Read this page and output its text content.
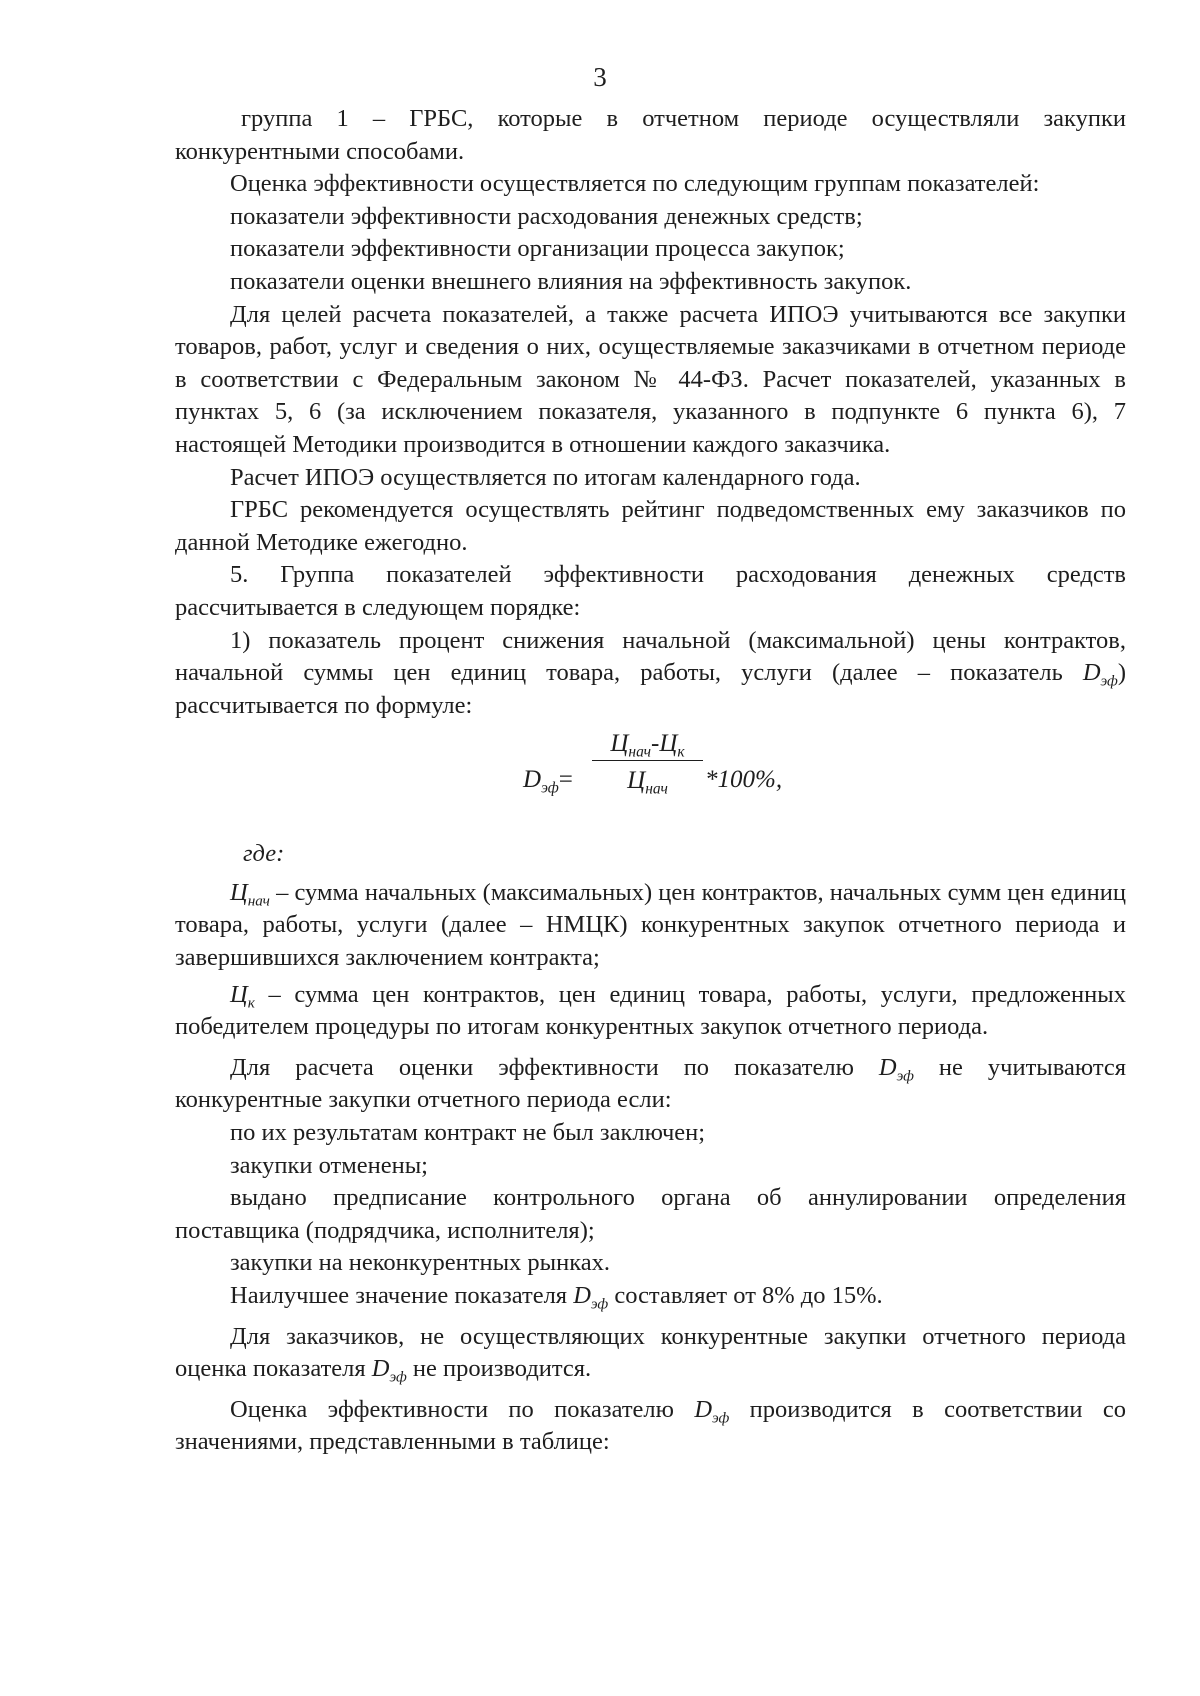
3

группа 1 – ГРБС, которые в отчетном периоде осуществляли закупки конкурентными способами.

Оценка эффективности осуществляется по следующим группам показателей:

показатели эффективности расходования денежных средств;

показатели эффективности организации процесса закупок;

показатели оценки внешнего влияния на эффективность закупок.

Для целей расчета показателей, а также расчета ИПОЭ учитываются все закупки товаров, работ, услуг и сведения о них, осуществляемые заказчиками в отчетном периоде в соответствии с Федеральным законом № 44-ФЗ. Расчет показателей, указанных в пунктах 5, 6 (за исключением показателя, указанного в подпункте 6 пункта 6), 7 настоящей Методики производится в отношении каждого заказчика.

Расчет ИПОЭ осуществляется по итогам календарного года.

ГРБС рекомендуется осуществлять рейтинг подведомственных ему заказчиков по данной Методике ежегодно.

5. Группа показателей эффективности расходования денежных средств рассчитывается в следующем порядке:

1) показатель процент снижения начальной (максимальной) цены контрактов, начальной суммы цен единиц товара, работы, услуги (далее – показатель $D_{эф}$) рассчитывается по формуле:

$D_{эф}=$
$Ц_{нач}-Ц_к$
$Ц_{нач}$	*100%,

где:

$Ц_{нач}$ – сумма начальных (максимальных) цен контрактов, начальных сумм цен единиц товара, работы, услуги (далее – НМЦК) конкурентных закупок отчетного периода и завершившихся заключением контракта;

$Ц_к$ – сумма цен контрактов, цен единиц товара, работы, услуги, предложенных победителем процедуры по итогам конкурентных закупок отчетного периода.

Для расчета оценки эффективности по показателю $D_{эф}$ не учитываются конкурентные закупки отчетного периода если:

по их результатам контракт не был заключен;

закупки отменены;

выдано предписание контрольного органа об аннулировании определения поставщика (подрядчика, исполнителя);

закупки на неконкурентных рынках.

Наилучшее значение показателя $D_{эф}$ составляет от 8% до 15%.

Для заказчиков, не осуществляющих конкурентные закупки отчетного периода оценка показателя $D_{эф}$ не производится.

Оценка эффективности по показателю $D_{эф}$ производится в соответствии со значениями, представленными в таблице:
